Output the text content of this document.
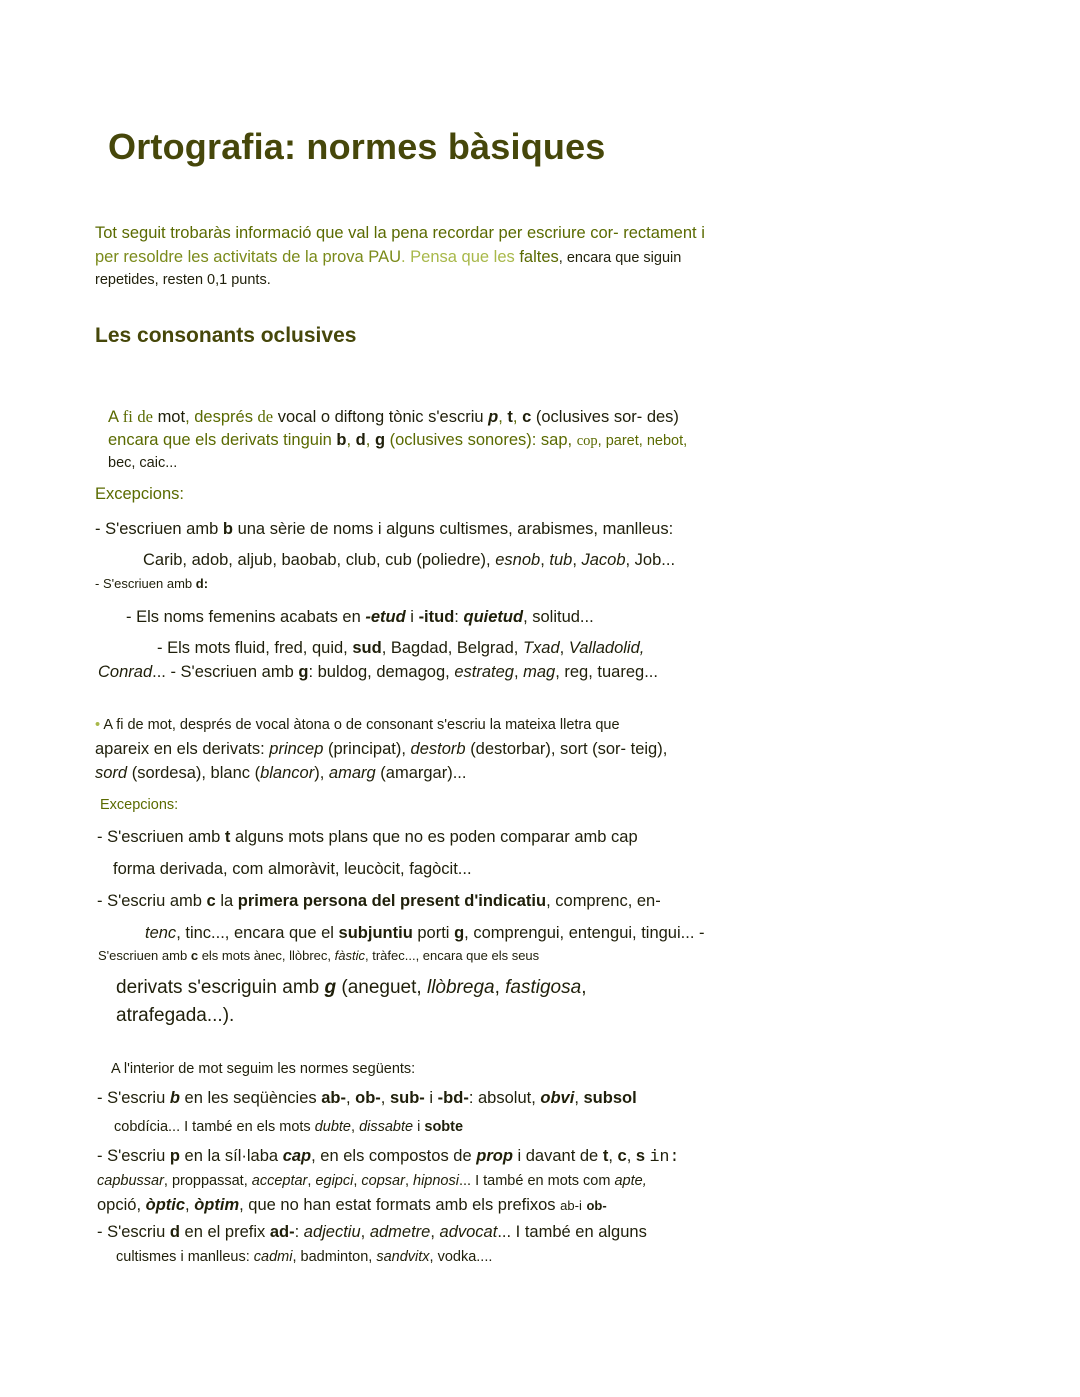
Ortografia: normes bàsiques
Tot seguit trobaràs informació que val la pena recordar per escriure cor- rectament i
per resoldre les activitats de la prova PAU. Pensa que les faltes, encara que siguin
repetides, resten 0,1 punts.
Les consonants oclusives
A fi de mot, després de vocal o diftong tònic s'escriu p, t, c (oclusives sor- des)
encara que els derivats tinguin b, d, g (oclusives sonores): sap, cop, paret, nebot,
bec, caic...
Excepcions:
- S'escriuen amb b una sèrie de noms i alguns cultismes, arabismes, manlleus:
Carib, adob, aljub, baobab, club, cub (poliedre), esnob, tub, Jacob, Job...
- S'escriuen amb d:
- Els noms femenins acabats en -etud i -itud: quietud, solitud...
- Els mots fluid, fred, quid, sud, Bagdad, Belgrad, Txad, Valladolid,
Conrad... - S'escriuen amb g: buldog, demagog, estrateg, mag, reg, tuareg...
• A fi de mot, després de vocal àtona o de consonant s'escriu la mateixa lletra que
apareix en els derivats: princep (principat), destorb (destorbar), sort (sor- teig),
sord (sordesa), blanc (blancor), amarg (amargar)...
Excepcions:
- S'escriuen amb t alguns mots plans que no es poden comparar amb cap
forma derivada, com almoràvit, leucòcit, fagòcit...
- S'escriu amb c la primera persona del present d'indicatiu, comprenc, en-
tenc, tinc..., encara que el subjuntiu porti g, comprengui, entengui, tingui... -
S'escriuen amb c els mots ànec, llòbrec, fàstic, tràfec..., encara que els seus
derivats s'escriguin amb g (aneguet, llòbrega, fastigosa,
atrafegada...).
A l'interior de mot seguim les normes següents:
- S'escriu b en les seqüències ab-, ob-, sub- i -bd-: absolut, obvi, subsol
cobdícia... I també en els mots dubte, dissabte i sobte
- S'escriu p en la síl·laba cap, en els compostos de prop i davant de t, c, s in:
capbussar, proppassat, acceptar, egipci, copsar, hipnosi... I també en mots com apte,
opció, òptic, òptim, que no han estat formats amb els prefixos ab-i ob-
- S'escriu d en el prefix ad-: adjectiu, admetre, advocat... I també en alguns
cultismes i manlleus: cadmi, badminton, sandvitx, vodka....
